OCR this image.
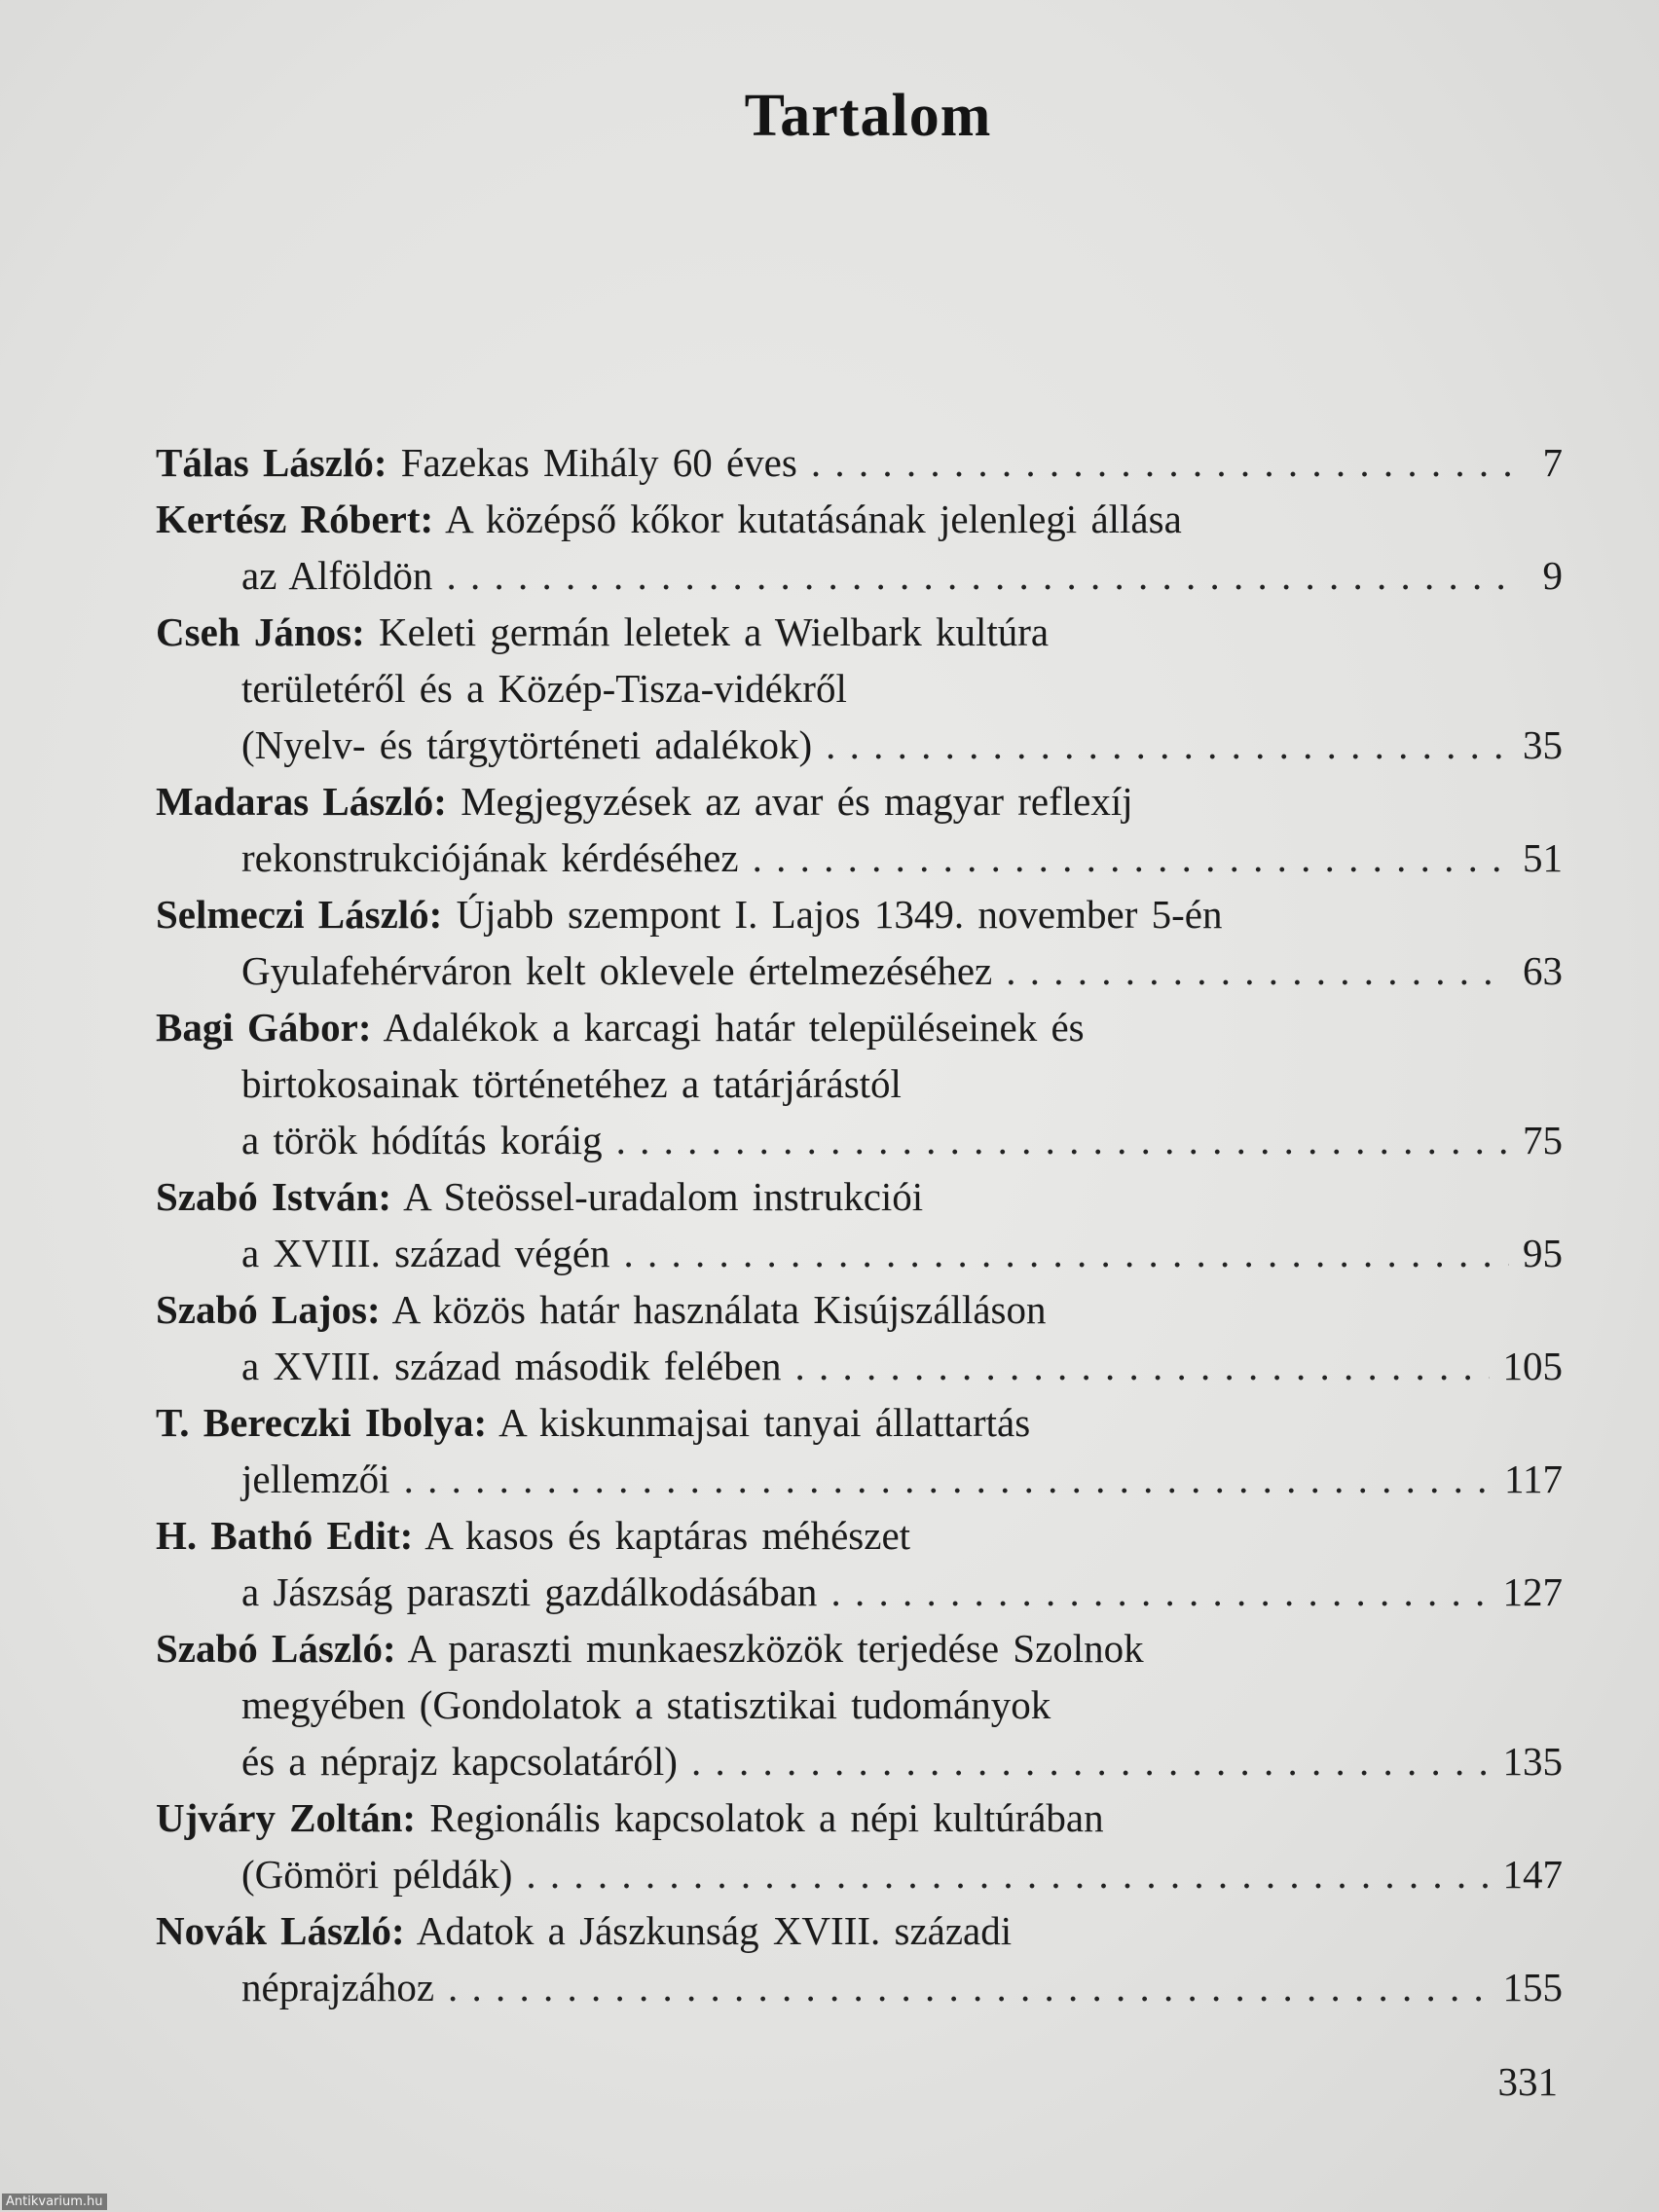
Tartalom
Tálas László: Fazekas Mihály 60 éves . . .	7
Kertész Róbert: A középső kőkor kutatásának jelenlegi állása
az Alföldön . . .	9
Cseh János: Keleti germán leletek a Wielbark kultúra
területéről és a Közép-Tisza-vidékről
(Nyelv- és tárgytörténeti adalékok) . . .	35
Madaras László: Megjegyzések az avar és magyar reflexíj
rekonstrukciójának kérdéséhez . . .	51
Selmeczi László: Újabb szempont I. Lajos 1349. november 5-én
Gyulafehérváron kelt oklevele értelmezéséhez . . .	63
Bagi Gábor: Adalékok a karcagi határ településeinek és
birtokosainak történetéhez a tatárjárástól
a török hódítás koráig . . .	75
Szabó István: A Steössel-uradalom instrukciói
a XVIII. század végén . . .	95
Szabó Lajos: A közös határ használata Kisújszálláson
a XVIII. század második felében . . .	105
T. Bereczki Ibolya: A kiskunmajsai tanyai állattartás
jellemzői . . .	117
H. Bathó Edit: A kasos és kaptáras méhészet
a Jászság paraszti gazdálkodásában . . .	127
Szabó László: A paraszti munkaeszközök terjedése Szolnok
megyében (Gondolatok a statisztikai tudományok
és a néprajz kapcsolatáról) . . .	135
Ujváry Zoltán: Regionális kapcsolatok a népi kultúrában
(Gömöri példák) . . .	147
Novák László: Adatok a Jászkunság XVIII. századi
néprajzához . . .	155
331
Antikvarium.hu
